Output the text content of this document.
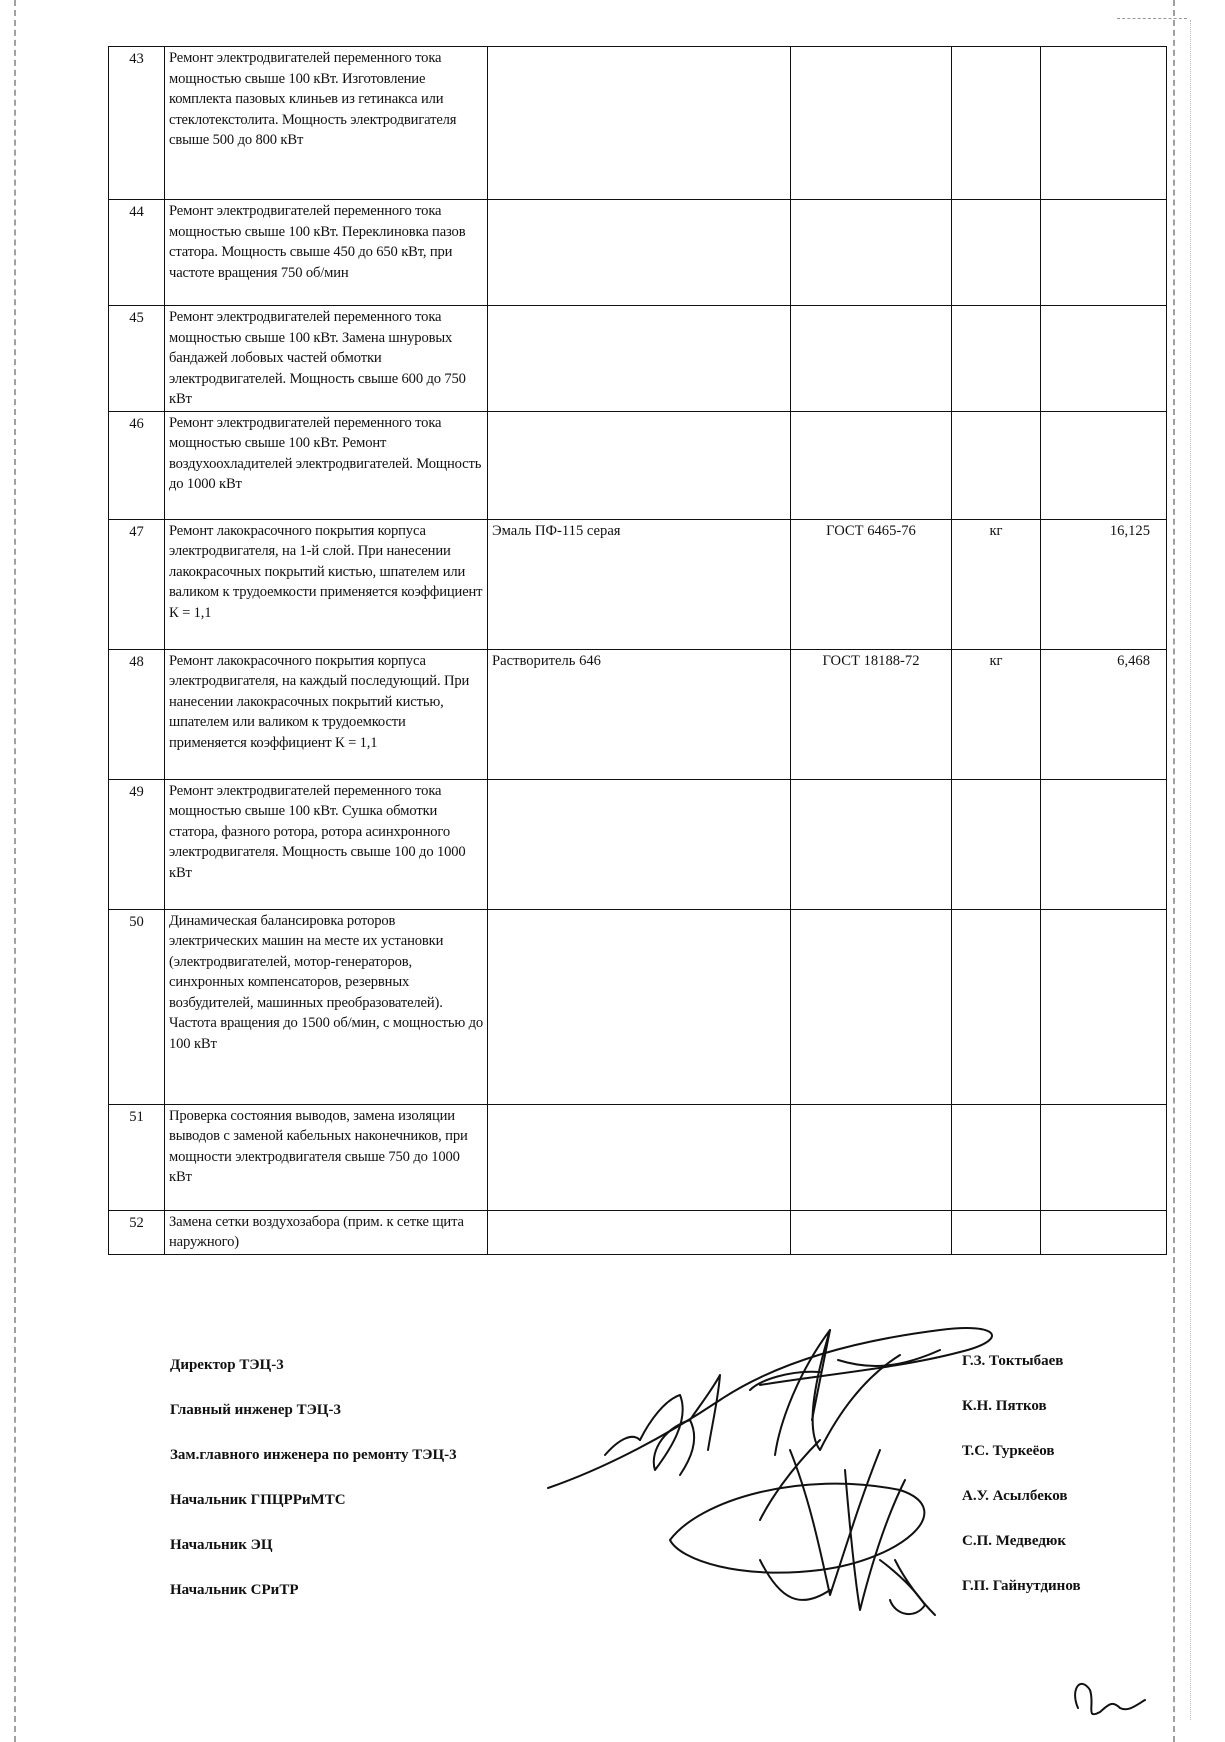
43	Ремонт электродвигателей переменного тока мощностью свыше 100 кВт. Изготовление комплекта пазовых клиньев из гетинакса или стеклотекстолита. Мощность электродвигателя свыше 500 до 800 кВт				
44	Ремонт электродвигателей переменного тока мощностью свыше 100 кВт. Переклиновка пазов статора. Мощность свыше 450 до 650 кВт, при частоте вращения 750 об/мин				
45	Ремонт электродвигателей переменного тока мощностью свыше 100 кВт. Замена шнуровых бандажей лобовых частей обмотки электродвигателей. Мощность свыше 600 до 750 кВт				
46	Ремонт электродвигателей переменного тока мощностью свыше 100 кВт. Ремонт воздухоохладителей электродвигателей. Мощность до 1000 кВт				
47	Ремонт лакокрасочного покрытия корпуса электродвигателя, на 1-й слой. При нанесении лакокрасочных покрытий кистью, шпателем или валиком к трудоемкости применяется коэффициент К = 1,1	Эмаль ПФ-115 серая	ГОСТ 6465-76	кг	16,125
48	Ремонт лакокрасочного покрытия корпуса электродвигателя, на каждый последующий. При нанесении лакокрасочных покрытий кистью, шпателем или валиком к трудоемкости применяется коэффициент К = 1,1	Растворитель 646	ГОСТ 18188-72	кг	6,468
49	Ремонт электродвигателей переменного тока мощностью свыше 100 кВт. Сушка обмотки статора, фазного ротора, ротора асинхронного электродвигателя. Мощность свыше 100 до 1000 кВт				
50	Динамическая балансировка роторов электрических машин на месте их установки (электродвигателей, мотор-генераторов, синхронных компенсаторов, резервных возбудителей, машинных преобразователей). Частота вращения до 1500 об/мин, с мощностью до 100 кВт				
51	Проверка состояния выводов, замена изоляции выводов с заменой кабельных наконечников, при мощности электродвигателя свыше 750 до 1000 кВт				
52	Замена сетки воздухозабора (прим. к сетке щита наружного)				
Директор ТЭЦ-3
Главный инженер ТЭЦ-3
Зам.главного инженера по ремонту ТЭЦ-3
Начальник ГПЦРРиМТС
Начальник ЭЦ
Начальник СРиТР
Г.З. Токтыбаев
К.Н. Пятков
Т.С. Туркеёов
А.У. Асылбеков
С.П. Медведюк
Г.П. Гайнутдинов
